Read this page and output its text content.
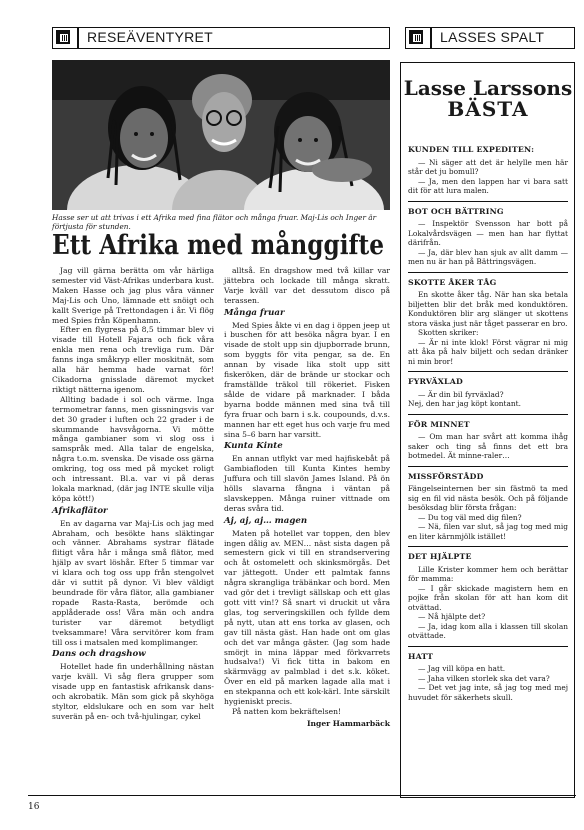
RESEÄVENTYRET	LASSES SPALT
Hasse ser ut att trivas i ett Afrika med fina flätor och många fruar. Maj-Lis och Inger är förtjusta för stunden.
Ett Afrika med månggifte

Jag vill gärna berätta om vår härliga semester vid Väst-Afrikas underbara kust. Maken Hasse och jag plus våra vänner Maj-Lis och Uno, lämnade ett snöigt och kallt Sverige på Trettondagen i år. Vi flög med Spies från Köpenhamn.

Efter en flygresa på 8,5 timmar blev vi visade till Hotell Fajara och fick våra enkla men rena och trevliga rum. Där fanns inga småkryp eller moskitnät, som alla här hemma hade varnat för! Cikadorna gnisslade däremot mycket riktigt nätterna igenom.

Allting badade i sol och värme. Inga termometrar fanns, men gissningsvis var det 30 grader i luften och 22 grader i de skummande havsvågorna. Vi mötte många gambianer som vi slog oss i samspråk med. Alla talar de engelska, några t.o.m. svenska. De visade oss gärna omkring, tog oss med på mycket roligt och intressant. Bl.a. var vi på deras lokala marknad, (där jag INTE skulle vilja köpa kött!)

Afrikaflätor

En av dagarna var Maj-Lis och jag med Abraham, och besökte hans släktingar och vänner. Abrahams systrar flätade flitigt våra hår i många små flätor, med hjälp av svart löshår. Efter 5 timmar var vi klara och tog oss upp från stengolvet där vi suttit på dynor. Vi blev väldigt beundrade för våra flätor, alla gambianer ropade Rasta-Rasta, berömde och applåderade oss! Våra män och andra turister var däremot betydligt tveksammare! Våra servitörer kom fram till oss i matsalen med komplimanger.

Dans och dragshow

Hotellet hade fin underhållning nästan varje kväll. Vi såg flera grupper som visade upp en fantastisk afrikansk dans-och akrobatik. Män som gick på skyhöga styltor, eldslukare och en som var helt suverän på en- och två-hjulingar, cykel

alltså. En dragshow med två killar var jättebra och lockade till många skratt. Varje kväll var det dessutom disco på terassen.

Många fruar

Med Spies åkte vi en dag i öppen jeep ut i buschen för att besöka några byar. I en visade de stolt upp sin djupborrade brunn, som byggts för vita pengar, sa de. En annan by visade lika stolt upp sitt fiskeröken, där de brände ur stockar och framställde träkol till rökeriet. Fisken sålde de vidare på marknader. I båda byarna bodde männen med sina två till fyra fruar och barn i s.k. coupounds, d.v.s. mannen har ett eget hus och varje fru med sina 5–6 barn har varsitt.

Kunta Kinte

En annan utflykt var med hajfiskebåt på Gambiafloden till Kunta Kintes hemby Juffura och till slavön James Island. På ön hölls slavarna fångna i väntan på slavskeppen. Många ruiner vittnade om deras svåra tid.

Aj, aj, aj… magen

Maten på hotellet var toppen, den blev ingen dålig av. MEN… näst sista dagen på semestern gick vi till en strandservering och åt ostomelett och skinksmörgås. Det var jättegott. Under ett palmtak fanns några skrangliga träbänkar och bord. Men vad gör det i trevligt sällskap och ett glas gott vitt vin!? Så snart vi druckit ut våra glas, tog serveringskillen och fyllde dem på nytt, utan att ens torka av glasen, och gav till nästa gäst. Han hade ont om glas och det var många gäster. (Jag som hade smörjt in mina läppar med förkvarrets hudsalva!) Vi fick titta in bakom en skärmvägg av palmblad i det s.k. köket. Över en eld på marken lagade alla mat i en stekpanna och ett kok-kärl. Inte särskilt hygieniskt precis.

På natten kom bekräftelsen!

Inger Hammarbäck
Lasse Larssons
BÄSTA
KUNDEN TILL EXPEDITEN:

— Ni säger att det är helylle men här står det ju bomull?

— Ja, men den lappen har vi bara satt dit för att lura malen.

BOT OCH BÄTTRING

— Inspektör Svensson har bott på Lokalvårdsvägen — men han har flyttat därifrån.

— Ja, där blev han sjuk av allt damm — men nu är han på Bättringsvägen.

SKOTTE ÅKER TÅG

En skotte åker tåg. När han ska betala biljetten blir det bråk med konduktören. Konduktören blir arg slänger ut skottens stora väska just när tåget passerar en bro.

Skotten skriker:

— Är ni inte klok! Först vägrar ni mig att åka på halv biljett och sedan dränker ni min bror!

FYRVÄXLAD

— Är din bil fyrväxlad?

Nej, den har jag köpt kontant.

FÖR MINNET

— Om man har svårt att komma ihåg saker och ting så finns det ett bra botmedel. Ät minne-raler…

MISSFÖRSTÅDD

Fängelseinternen ber sin fästmö ta med sig en fil vid nästa besök. Och på följande besöksdag blir första frågan:

— Du tog väl med dig filen?

— Nä, filen var slut, så jag tog med mig en liter kärnmjölk istället!

DET HJÄLPTE

Lille Krister kommer hem och berättar för mamma:

— I går skickade magistern hem en pojke från skolan för att han kom dit otvättad.

— Nå hjälpte det?

— Ja, idag kom alla i klassen till skolan otvättade.

HATT

— Jag vill köpa en hatt.

— Jaha vilken storlek ska det vara?

— Det vet jag inte, så jag tog med mej huvudet för säkerhets skull.

16
